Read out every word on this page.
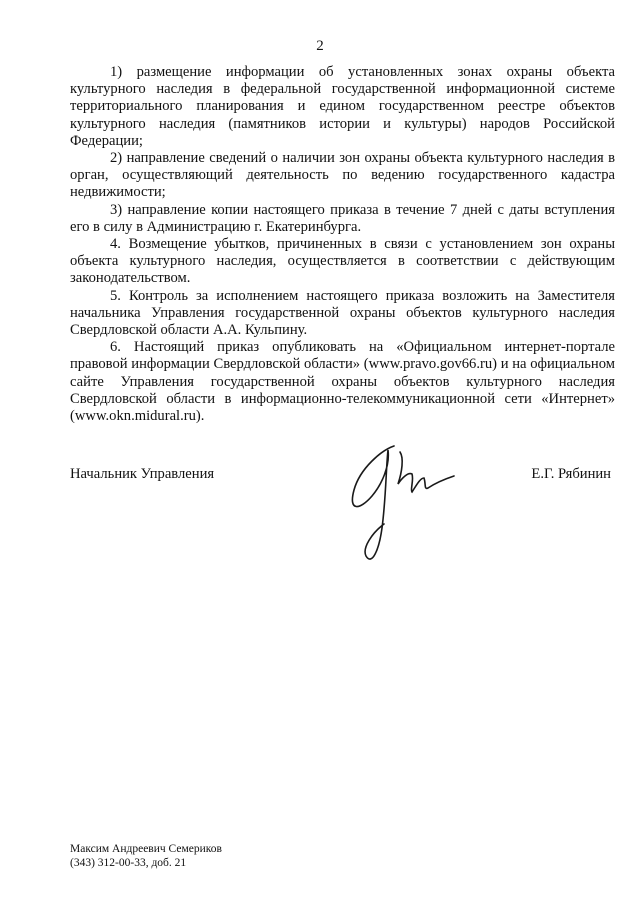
2

1) размещение информации об установленных зонах охраны объекта культурного наследия в федеральной государственной информационной системе территориального планирования и едином государственном реестре объектов культурного наследия (памятников истории и культуры) народов Российской Федерации;

2) направление сведений о наличии зон охраны объекта культурного наследия в орган, осуществляющий деятельность по ведению государственного кадастра недвижимости;

3) направление копии настоящего приказа в течение 7 дней с даты вступления его в силу в Администрацию г. Екатеринбурга.

4. Возмещение убытков, причиненных в связи с установлением зон охраны объекта культурного наследия, осуществляется в соответствии с действующим законодательством.

5. Контроль за исполнением настоящего приказа возложить на Заместителя начальника Управления государственной охраны объектов культурного наследия Свердловской области А.А. Кульпину.

6. Настоящий приказ опубликовать на «Официальном интернет-портале правовой информации Свердловской области» (www.pravo.gov66.ru) и на официальном сайте Управления государственной охраны объектов культурного наследия Свердловской области в информационно-телекоммуникационной сети «Интернет» (www.okn.midural.ru).

Начальник Управления	Е.Г. Рябинин
Максим Андреевич Семериков
(343) 312-00-33, доб. 21
